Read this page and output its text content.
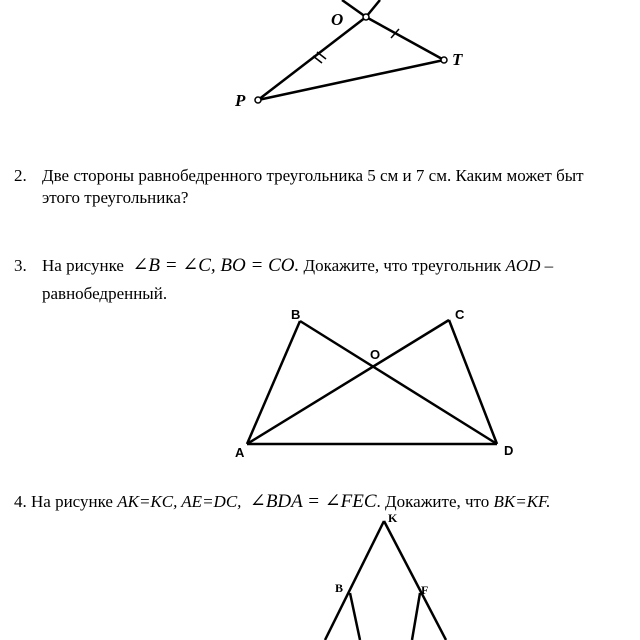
O
T
P
2. Две стороны равнобедренного треугольника 5 см и 7 см. Каким может быт
этого треугольника?
3. На рисунке ∠B = ∠C, BO = CO. Докажите, что треугольник AOD –
равнобедренный.
B	C
O
A	D
4. На рисунке AK=KC, AE=DC, ∠BDA = ∠FEC. Докажите, что BK=KF.
K
B	F
